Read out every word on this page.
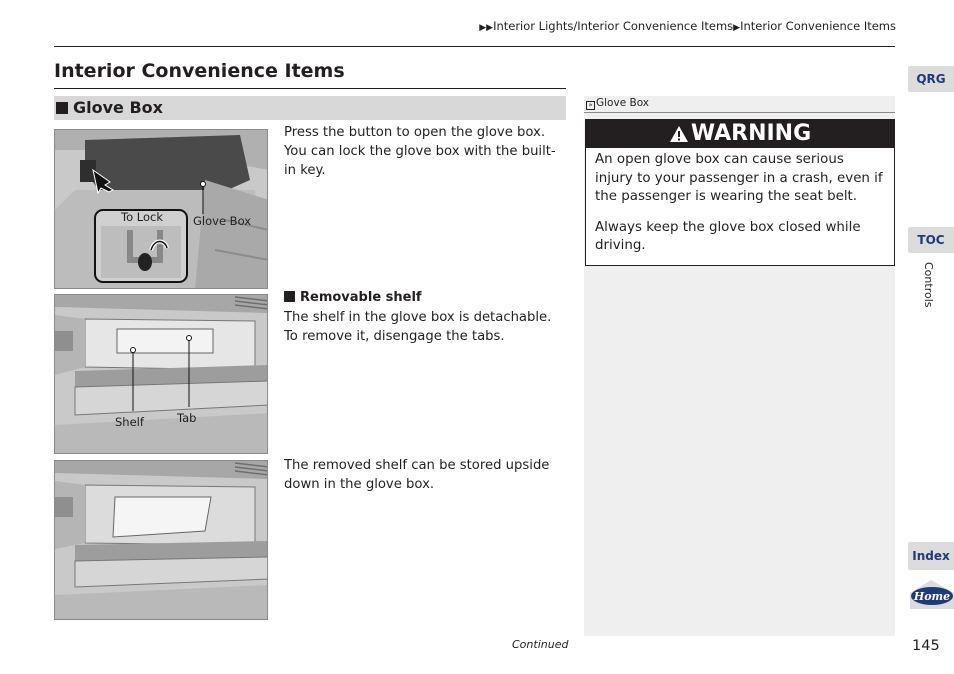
▶▶Interior Lights/Interior Convenience Items▶Interior Convenience Items
Interior Convenience Items
Glove Box
To Lock	Glove Box
Shelf	Tab
Press the button to open the glove box. You can lock the glove box with the built-in key.
Removable shelf
The shelf in the glove box is detachable. To remove it, disengage the tabs.
The removed shelf can be stored upside down in the glove box.
» Glove Box
WARNING

An open glove box can cause serious injury to your passenger in a crash, even if the passenger is wearing the seat belt.

Always keep the glove box closed while driving.

QRG
TOC
Controls
Index
Home
Continued	145
